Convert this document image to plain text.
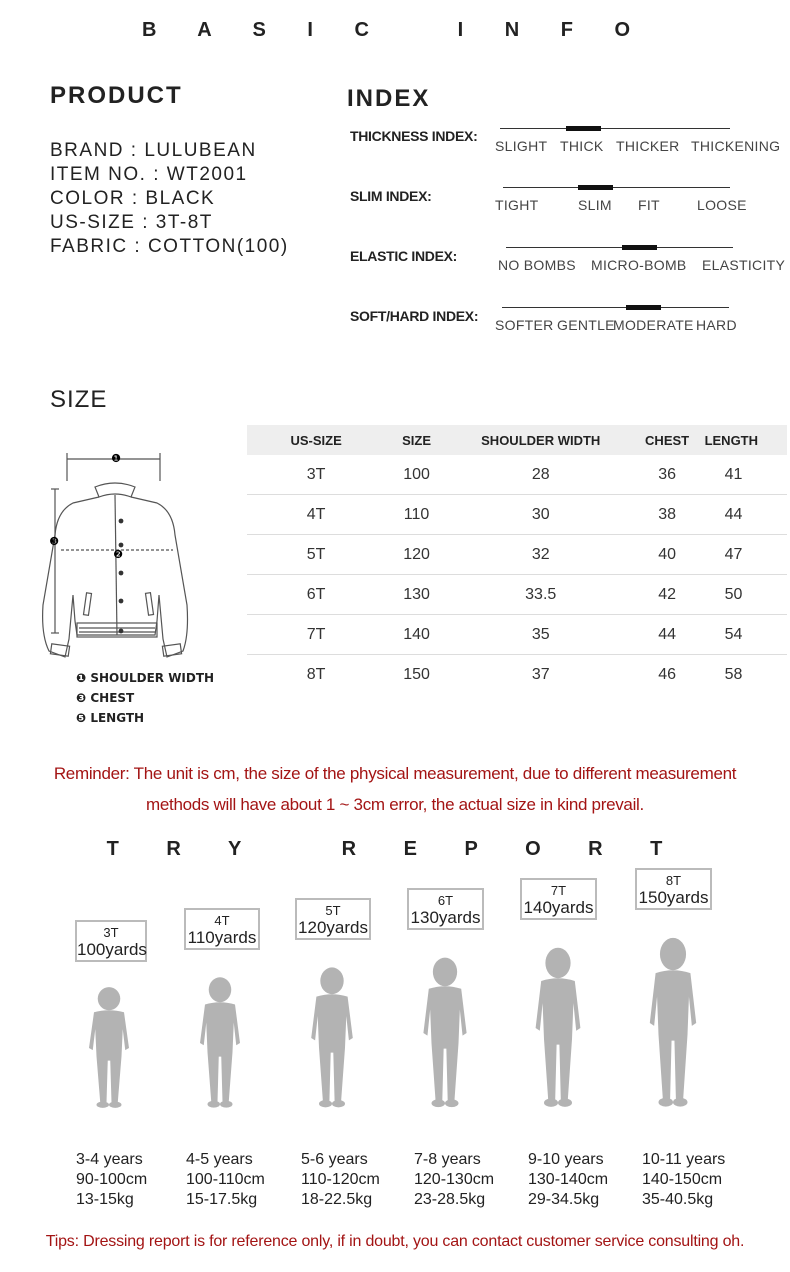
B A S I C   I N F O
PRODUCT
BRAND : LULUBEAN
ITEM NO. : WT2001
COLOR : BLACK
US-SIZE : 3T-8T
FABRIC : COTTON(100)
INDEX
THICKNESS INDEX:
SLIGHT THICK THICKER THICKENING
SLIM INDEX:
TIGHT	SLIM FIT	LOOSE
ELASTIC INDEX:
NO BOMBS MICRO-BOMB ELASTICITY
SOFT/HARD INDEX:
SOFTER GENTLE
MODERATE HARD
SIZE
❶
❷
❸
❶ SHOULDER WIDTH
❸ CHEST
❺ LENGTH
US-SIZE	SIZE	SHOULDER WIDTH	CHEST	LENGTH
3T	100	28	36	41
4T	110	30	38	44
5T	120	32	40	47
6T	130	33.5	42	50
7T	140	35	44	54
8T	150	37	46	58
Reminder: The unit is cm, the size of the physical measurement, due to different measurement
methods will have about 1 ~ 3cm error, the actual size in kind prevail.
T R Y   R E P O R T
3T
100yards
4T
110yards
5T
120yards
6T
130yards
7T
140yards
8T
150yards
3-4 years
90-100cm
13-15kg
4-5 years
100-110cm
15-17.5kg
5-6 years
110-120cm
18-22.5kg
7-8 years
120-130cm
23-28.5kg
9-10 years
130-140cm
29-34.5kg
10-11 years
140-150cm
35-40.5kg
Tips: Dressing report is for reference only, if in doubt, you can contact customer service consulting oh.
